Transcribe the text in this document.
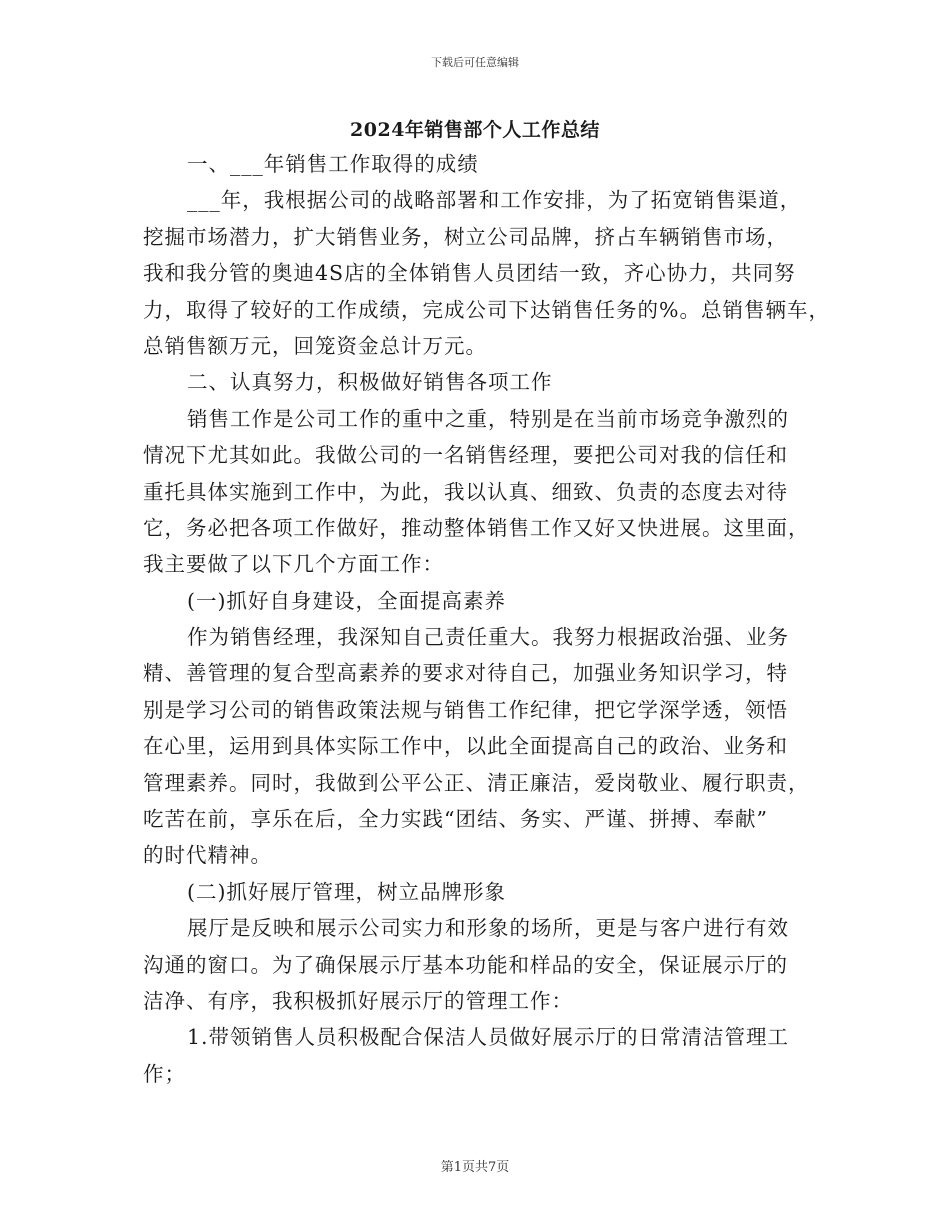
下载后可任意编辑
2024年销售部个人工作总结
一、___年销售工作取得的成绩
___年，我根据公司的战略部署和工作安排，为了拓宽销售渠道，
挖掘市场潜力，扩大销售业务，树立公司品牌，挤占车辆销售市场，
我和我分管的奥迪4S店的全体销售人员团结一致，齐心协力，共同努
力，取得了较好的工作成绩，完成公司下达销售任务的%。总销售辆车，
总销售额万元，回笼资金总计万元。
二、认真努力，积极做好销售各项工作
销售工作是公司工作的重中之重，特别是在当前市场竞争激烈的
情况下尤其如此。我做公司的一名销售经理，要把公司对我的信任和
重托具体实施到工作中，为此，我以认真、细致、负责的态度去对待
它，务必把各项工作做好，推动整体销售工作又好又快进展。这里面，
我主要做了以下几个方面工作：
(一)抓好自身建设，全面提高素养
作为销售经理，我深知自己责任重大。我努力根据政治强、业务
精、善管理的复合型高素养的要求对待自己，加强业务知识学习，特
别是学习公司的销售政策法规与销售工作纪律，把它学深学透，领悟
在心里，运用到具体实际工作中，以此全面提高自己的政治、业务和
管理素养。同时，我做到公平公正、清正廉洁，爱岗敬业、履行职责，
吃苦在前，享乐在后，全力实践“团结、务实、严谨、拼搏、奉献”
的时代精神。
(二)抓好展厅管理，树立品牌形象
展厅是反映和展示公司实力和形象的场所，更是与客户进行有效
沟通的窗口。为了确保展示厅基本功能和样品的安全，保证展示厅的
洁净、有序，我积极抓好展示厅的管理工作：
1.带领销售人员积极配合保洁人员做好展示厅的日常清洁管理工
作；
第1页共7页
